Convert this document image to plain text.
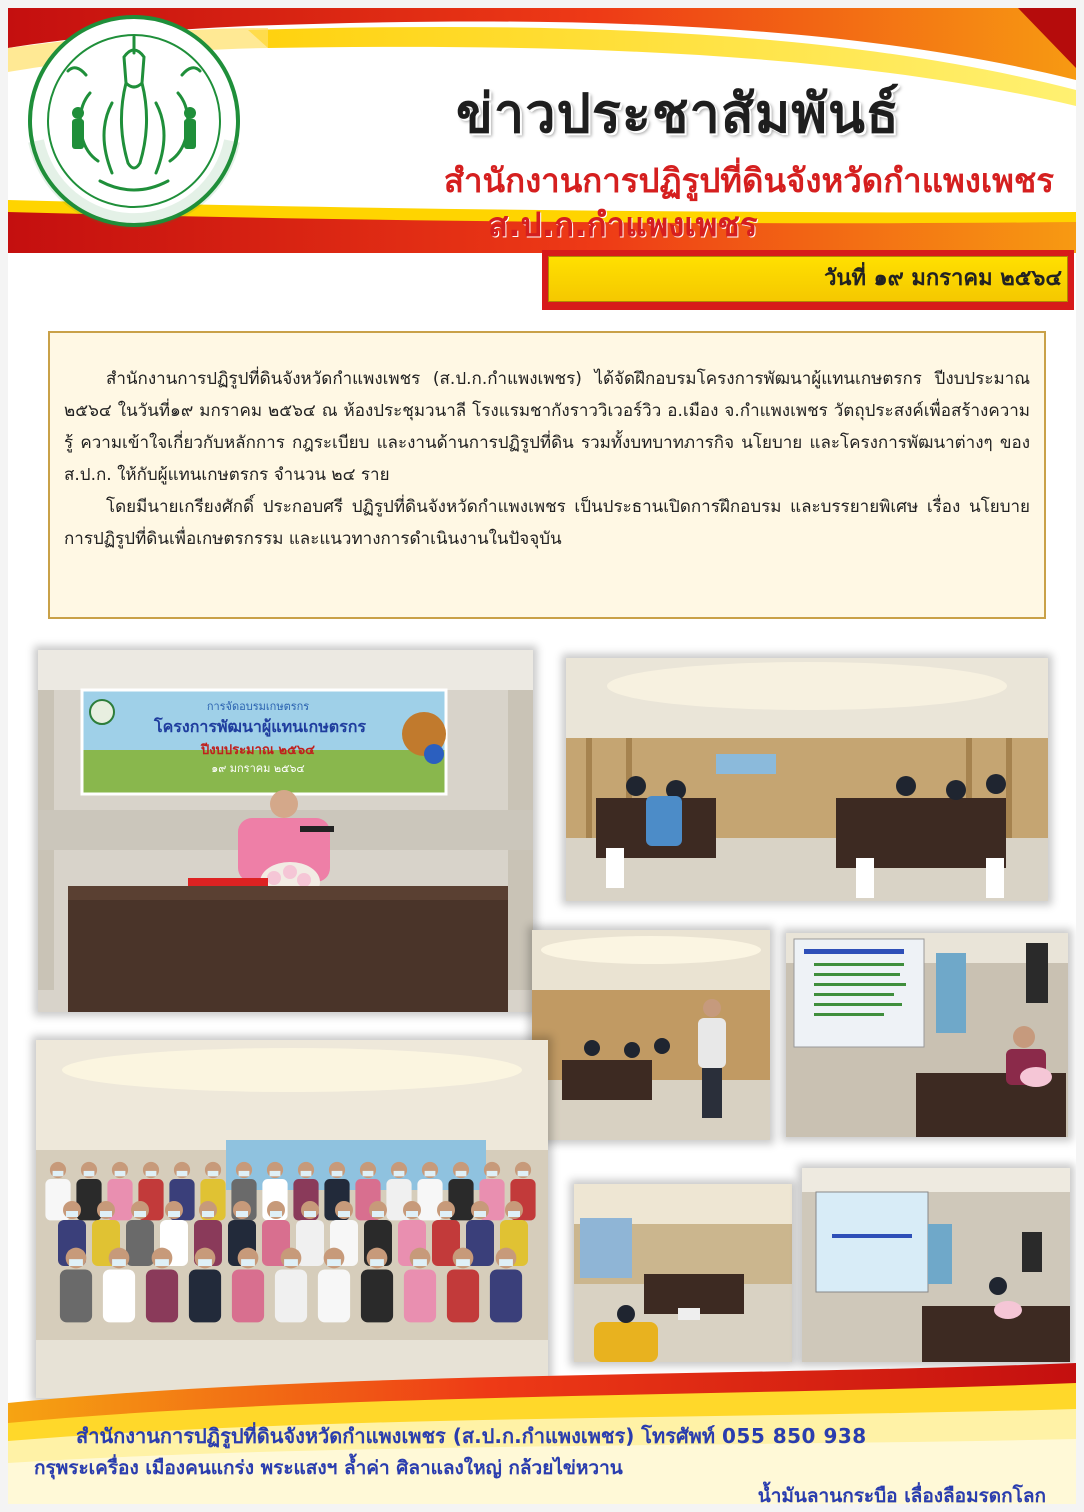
ข่าวประชาสัมพันธ์
สำนักงานการปฏิรูปที่ดินจังหวัดกำแพงเพชร
ส.ป.ก.กำแพงเพชร
วันที่ ๑๙ มกราคม ๒๕๖๔

สำนักงานการปฏิรูปที่ดินจังหวัดกำแพงเพชร (ส.ป.ก.กำแพงเพชร) ได้จัดฝึกอบรมโครงการพัฒนาผู้แทนเกษตรกร ปีงบประมาณ ๒๕๖๔ ในวันที่๑๙ มกราคม ๒๕๖๔ ณ ห้องประชุมวนาลี โรงแรมชากังราววิเวอร์วิว อ.เมือง จ.กำแพงเพชร วัตถุประสงค์เพื่อสร้างความรู้ ความเข้าใจเกี่ยวกับหลักการ กฎระเบียบ และงานด้านการปฏิรูปที่ดิน รวมทั้งบทบาทภารกิจ นโยบาย และโครงการพัฒนาต่างๆ ของ ส.ป.ก. ให้กับผู้แทนเกษตรกร จำนวน ๒๔ ราย

โดยมีนายเกรียงศักดิ์ ประกอบศรี ปฏิรูปที่ดินจังหวัดกำแพงเพชร เป็นประธานเปิดการฝึกอบรม และบรรยายพิเศษ เรื่อง นโยบายการปฏิรูปที่ดินเพื่อเกษตรกรรม และแนวทางการดำเนินงานในปัจจุบัน

การจัดอบรมเกษตรกร
โครงการพัฒนาผู้แทนเกษตรกร
ปีงบประมาณ ๒๕๖๔
๑๙ มกราคม ๒๕๖๔
สำนักงานการปฏิรูปที่ดินจังหวัดกำแพงเพชร (ส.ป.ก.กำแพงเพชร) โทรศัพท์ 055 850 938
กรุพระเครื่อง เมืองคนแกร่ง พระแสงฯ ล้ำค่า ศิลาแลงใหญ่ กล้วยไข่หวาน
น้ำมันลานกระบือ เลื่องลือมรดกโลก
